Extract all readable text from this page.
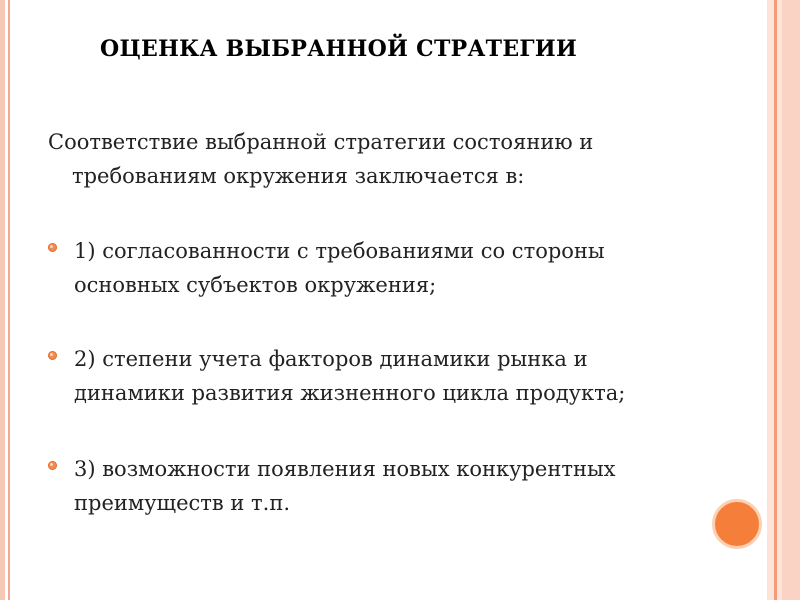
ОЦЕНКА ВЫБРАННОЙ СТРАТЕГИИ
Соответствие выбранной стратегии состоянию и
требованиям окружения заключается в:
1) согласованности с требованиями со стороны
основных субъектов окружения;
2) степени учета факторов динамики рынка и
динамики развития жизненного цикла продукта;
3) возможности появления новых конкурентных
преимуществ и т.п.
